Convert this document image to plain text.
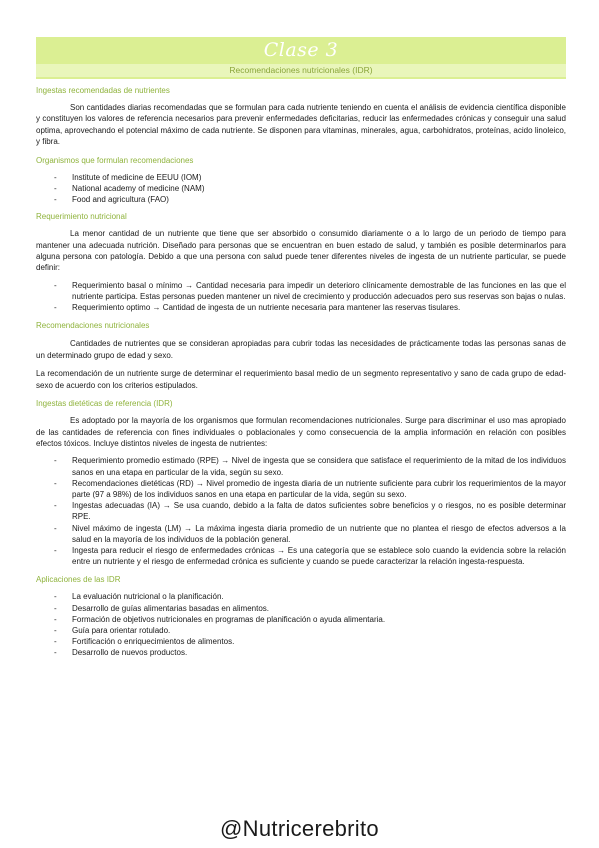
Clase 3
Recomendaciones nutricionales (IDR)
Ingestas recomendadas de nutrientes

Son cantidades diarias recomendadas que se formulan para cada nutriente teniendo en cuenta el análisis de evidencia científica disponible y constituyen los valores de referencia necesarios para prevenir enfermedades deficitarias, reducir las enfermedades crónicas y conseguir una salud optima, aprovechando el potencial máximo de cada nutriente. Se disponen para vitaminas, minerales, agua, carbohidratos, proteínas, acido linoleico, y fibra.

Organismos que formulan recomendaciones
- Institute of medicine de EEUU (IOM)
- National academy of medicine (NAM)
- Food and agricultura (FAO)
Requerimiento nutricional

La menor cantidad de un nutriente que tiene que ser absorbido o consumido diariamente o a lo largo de un periodo de tiempo para mantener una adecuada nutrición. Diseñado para personas que se encuentran en buen estado de salud, y también es posible determinarlos para alguna persona con patología. Debido a que una persona con salud puede tener diferentes niveles de ingesta de un nutriente particular, se puede definir:

- Requerimiento basal o mínimo → Cantidad necesaria para impedir un deterioro clínicamente demostrable de las funciones en las que el nutriente participa. Estas personas pueden mantener un nivel de crecimiento y producción adecuados pero sus reservas son bajas o nulas.
- Requerimiento optimo → Cantidad de ingesta de un nutriente necesaria para mantener las reservas tisulares.
Recomendaciones nutricionales

Cantidades de nutrientes que se consideran apropiadas para cubrir todas las necesidades de prácticamente todas las personas sanas de un determinado grupo de edad y sexo.

La recomendación de un nutriente surge de determinar el requerimiento basal medio de un segmento representativo y sano de cada grupo de edad-sexo de acuerdo con los criterios estipulados.

Ingestas dietéticas de referencia (IDR)

Es adoptado por la mayoría de los organismos que formulan recomendaciones nutricionales. Surge para discriminar el uso mas apropiado de las cantidades de referencia con fines individuales o poblacionales y como consecuencia de la amplia información en relación con posibles efectos tóxicos. Incluye distintos niveles de ingesta de nutrientes:

- Requerimiento promedio estimado (RPE) → Nivel de ingesta que se considera que satisface el requerimiento de la mitad de los individuos sanos en una etapa en particular de la vida, según su sexo.
- Recomendaciones dietéticas (RD) → Nivel promedio de ingesta diaria de un nutriente suficiente para cubrir los requerimientos de la mayor parte (97 a 98%) de los individuos sanos en una etapa en particular de la vida, según su sexo.
- Ingestas adecuadas (IA) → Se usa cuando, debido a la falta de datos suficientes sobre beneficios y o riesgos, no es posible determinar RPE.
- Nivel máximo de ingesta (LM) → La máxima ingesta diaria promedio de un nutriente que no plantea el riesgo de efectos adversos a la salud en la mayoría de los individuos de la población general.
- Ingesta para reducir el riesgo de enfermedades crónicas → Es una categoría que se establece solo cuando la evidencia sobre la relación entre un nutriente y el riesgo de enfermedad crónica es suficiente y cuando se puede caracterizar la relación ingesta-respuesta.
Aplicaciones de las IDR
- La evaluación nutricional o la planificación.
- Desarrollo de guías alimentarias basadas en alimentos.
- Formación de objetivos nutricionales en programas de planificación o ayuda alimentaria.
- Guía para orientar rotulado.
- Fortificación o enriquecimientos de alimentos.
- Desarrollo de nuevos productos.
@Nutricerebrito
